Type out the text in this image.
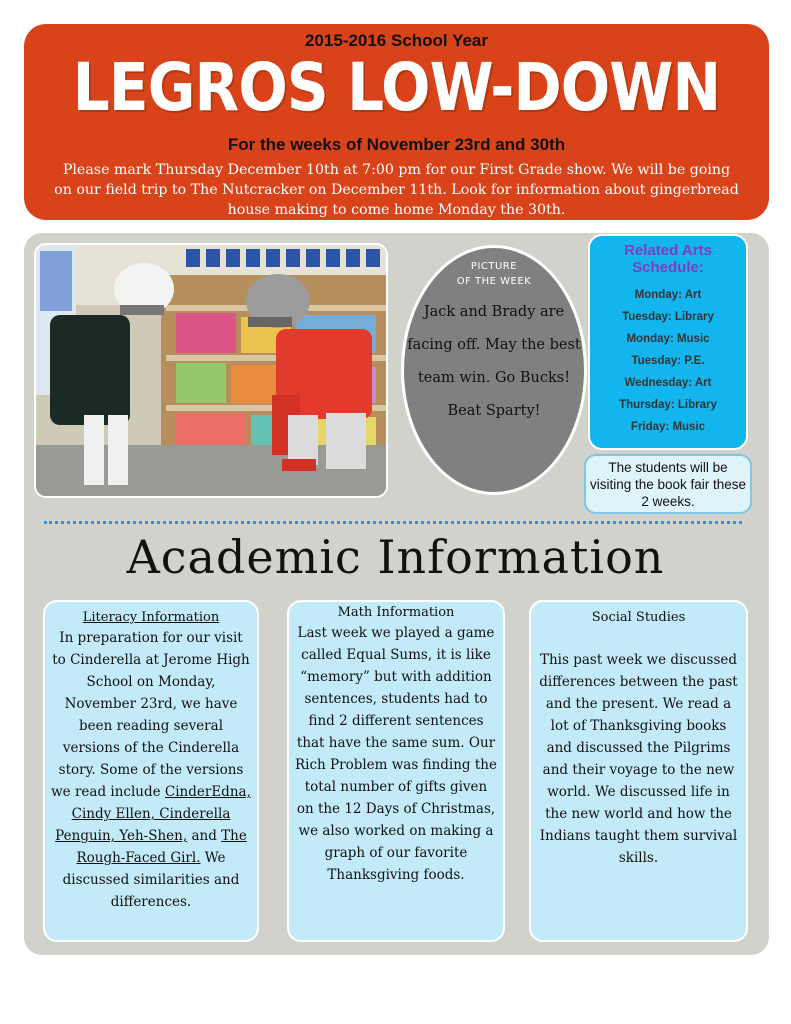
2015-2016 School Year
LEGROS LOW-DOWN
For the weeks of November 23rd and 30th
Please mark Thursday December 10th at 7:00 pm for our First Grade show. We will be going on our field trip to The Nutcracker on December 11th. Look for information about gingerbread house making to come home Monday the 30th.
PICTURE
OF THE WEEK
Jack and Brady are facing off. May the best team win. Go Bucks! Beat Sparty!
Related Arts Schedule:
Monday: Art
Tuesday: Library
Monday: Music
Tuesday: P.E.
Wednesday: Art
Thursday: Library
Friday: Music
The students will be visiting the book fair these 2 weeks.
Academic Information
Literacy Information

In preparation for our visit to Cinderella at Jerome High School on Monday, November 23rd, we have been reading several versions of the Cinderella story. Some of the versions we read include CinderEdna, Cindy Ellen, Cinderella Penguin, Yeh-Shen, and The Rough-Faced Girl. We discussed similarities and differences.

Math Information

Last week we played a game called Equal Sums, it is like “memory” but with addition sentences, students had to find 2 different sentences that have the same sum. Our Rich Problem was finding the total number of gifts given on the 12 Days of Christmas, we also worked on making a graph of our favorite Thanksgiving foods.

Social Studies

This past week we discussed differences between the past and the present. We read a lot of Thanksgiving books and discussed the Pilgrims and their voyage to the new world. We discussed life in the new world and how the Indians taught them survival skills.
